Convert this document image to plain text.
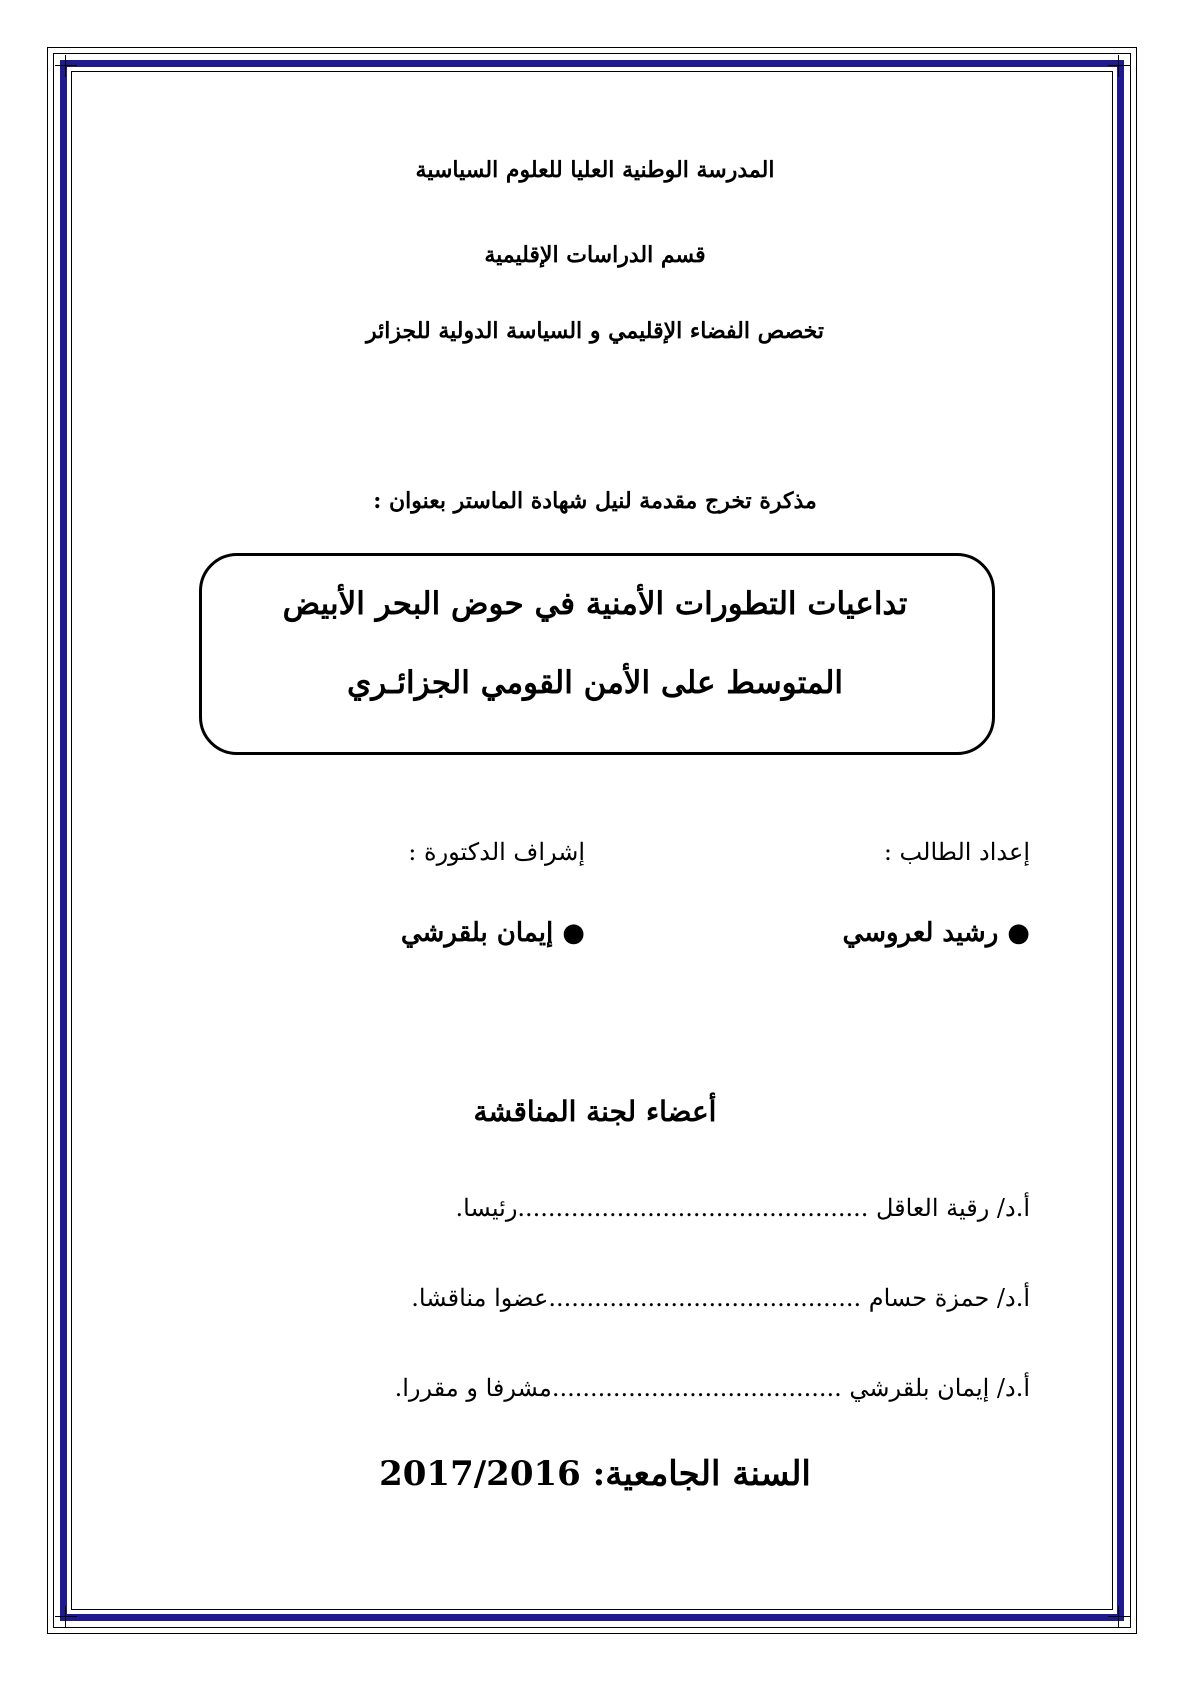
المدرسة الوطنية العليا للعلوم السياسية
قسم الدراسات الإقليمية
تخصص الفضاء الإقليمي و السياسة الدولية للجزائر
مذكرة تخرج مقدمة لنيل شهادة الماستر بعنوان :
تداعيات التطورات الأمنية في حوض البحر الأبيض
المتوسط على الأمن القومي الجزائـري
إعداد الطالب :
إشراف الدكتورة :
● رشيد لعروسي
● إيمان بلقرشي
أعضاء لجنة المناقشة
أ.د/ رقية العاقل ..............................................رئيسا.
أ.د/ حمزة حسام .........................................عضوا مناقشا.
أ.د/ إيمان بلقرشي ......................................مشرفا و مقررا.
السنة الجامعية: 2017/2016
